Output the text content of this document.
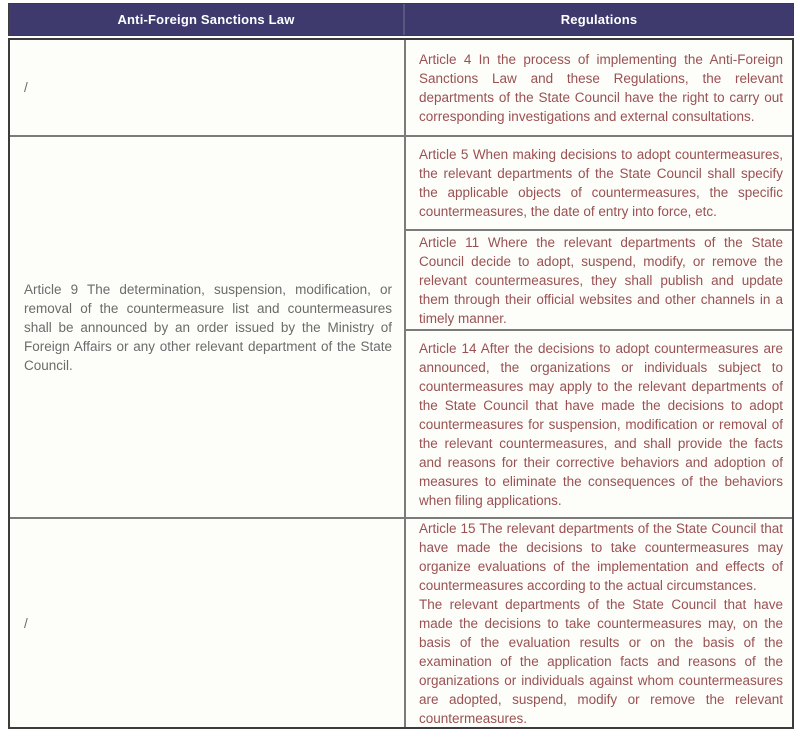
Anti-Foreign Sanctions Law	Regulations
/

Article 4 In the process of implementing the Anti-Foreign Sanctions Law and these Regulations, the relevant departments of the State Council have the right to carry out corresponding investigations and external consultations.

Article 9 The determination, suspension, modification, or removal of the countermeasure list and countermeasures shall be announced by an order issued by the Ministry of Foreign Affairs or any other relevant department of the State Council.

Article 5 When making decisions to adopt countermeasures, the relevant departments of the State Council shall specify the applicable objects of countermeasures, the specific countermeasures, the date of entry into force, etc.

Article 11 Where the relevant departments of the State Council decide to adopt, suspend, modify, or remove the relevant countermeasures, they shall publish and update them through their official websites and other channels in a timely manner.

Article 14 After the decisions to adopt countermeasures are announced, the organizations or individuals subject to countermeasures may apply to the relevant departments of the State Council that have made the decisions to adopt countermeasures for suspension, modification or removal of the relevant countermeasures, and shall provide the facts and reasons for their corrective behaviors and adoption of measures to eliminate the consequences of the behaviors when filing applications.

/

Article 15 The relevant departments of the State Council that have made the decisions to take countermeasures may organize evaluations of the implementation and effects of countermeasures according to the actual circumstances.

The relevant departments of the State Council that have made the decisions to take countermeasures may, on the basis of the evaluation results or on the basis of the examination of the application facts and reasons of the organizations or individuals against whom countermeasures are adopted, suspend, modify or remove the relevant countermeasures.
